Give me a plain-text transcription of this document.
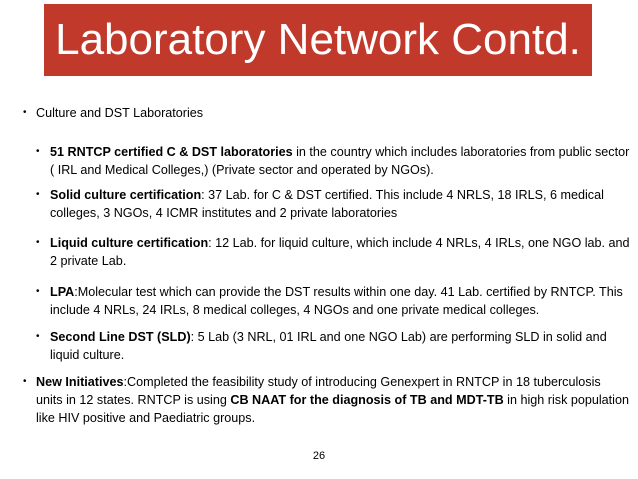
Laboratory Network Contd.
• Culture and DST Laboratories
• 51 RNTCP certified C & DST laboratories in the country which includes laboratories from public sector ( IRL and Medical Colleges,) (Private sector and operated by NGOs).
• Solid culture certification: 37 Lab. for C & DST certified. This include 4 NRLS, 18 IRLS, 6 medical colleges, 3 NGOs, 4 ICMR institutes and 2 private laboratories
• Liquid culture certification: 12 Lab. for liquid culture, which include 4 NRLs, 4 IRLs, one NGO lab. and 2 private Lab.
• LPA:Molecular test which can provide the DST results within one day. 41 Lab. certified by RNTCP. This include 4 NRLs, 24 IRLs, 8 medical colleges, 4 NGOs and one private medical colleges.
• Second Line DST (SLD): 5 Lab (3 NRL, 01 IRL and one NGO Lab) are performing SLD in solid and liquid culture.
• New Initiatives:Completed the feasibility study of introducing Genexpert in RNTCP in 18 tuberculosis units in 12 states. RNTCP is using CB NAAT for the diagnosis of TB and MDT-TB in high risk population like HIV positive and Paediatric groups.
26
